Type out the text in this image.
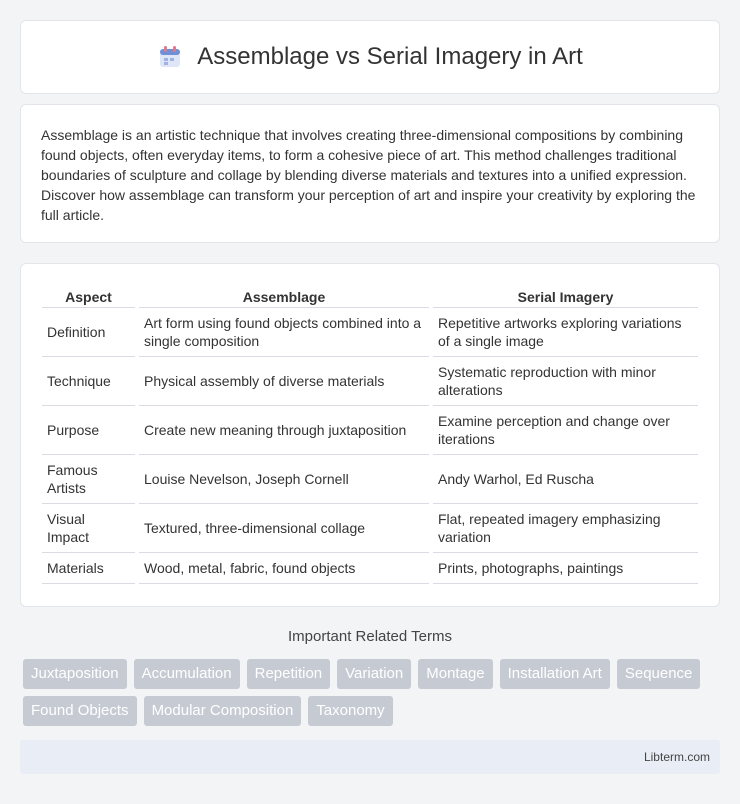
Assemblage vs Serial Imagery in Art

Assemblage is an artistic technique that involves creating three-dimensional compositions by combining found objects, often everyday items, to form a cohesive piece of art. This method challenges traditional boundaries of sculpture and collage by blending diverse materials and textures into a unified expression. Discover how assemblage can transform your perception of art and inspire your creativity by exploring the full article.

Aspect	Assemblage	Serial Imagery
Definition	Art form using found objects combined into a single composition	Repetitive artworks exploring variations of a single image
Technique	Physical assembly of diverse materials	Systematic reproduction with minor alterations
Purpose	Create new meaning through juxtaposition	Examine perception and change over iterations
Famous Artists	Louise Nevelson, Joseph Cornell	Andy Warhol, Ed Ruscha
Visual Impact	Textured, three-dimensional collage	Flat, repeated imagery emphasizing variation
Materials	Wood, metal, fabric, found objects	Prints, photographs, paintings
Important Related Terms
Juxtaposition	Accumulation	Repetition	Variation	Montage	Installation Art	Sequence
Found Objects	Modular Composition	Taxonomy
Libterm.com
